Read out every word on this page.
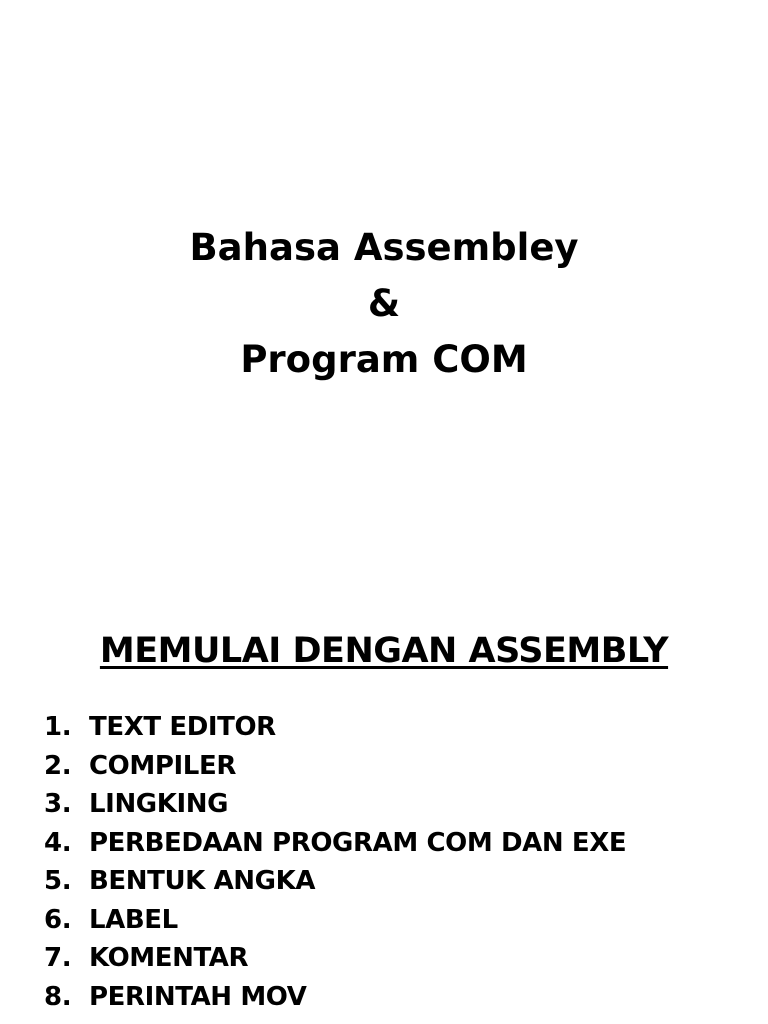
Bahasa Assembley
&
Program COM
MEMULAI DENGAN ASSEMBLY
1. TEXT EDITOR
2. COMPILER
3. LINGKING
4. PERBEDAAN PROGRAM COM DAN EXE
5. BENTUK ANGKA
6. LABEL
7. KOMENTAR
8. PERINTAH MOV
